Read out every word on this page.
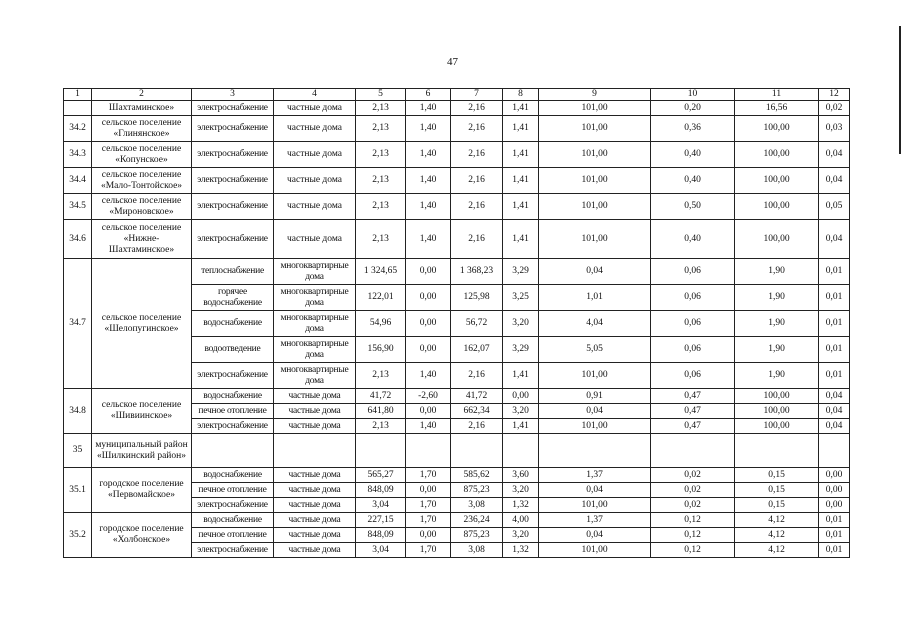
47
1	2	3	4	5	6	7	8	9	10	11	12
	Шахтаминское»	электроснабжение	частные дома	2,13	1,40	2,16	1,41	101,00	0,20	16,56	0,02
34.2	сельское поселение «Глинянское»	электроснабжение	частные дома	2,13	1,40	2,16	1,41	101,00	0,36	100,00	0,03
34.3	сельское поселение «Копунское»	электроснабжение	частные дома	2,13	1,40	2,16	1,41	101,00	0,40	100,00	0,04
34.4	сельское поселение «Мало-Тонтойское»	электроснабжение	частные дома	2,13	1,40	2,16	1,41	101,00	0,40	100,00	0,04
34.5	сельское поселение «Мироновское»	электроснабжение	частные дома	2,13	1,40	2,16	1,41	101,00	0,50	100,00	0,05
34.6	сельское поселение «Нижне-Шахтаминское»	электроснабжение	частные дома	2,13	1,40	2,16	1,41	101,00	0,40	100,00	0,04
34.7	сельское поселение «Шелопугинское»	теплоснабжение	многоквартирные дома	1 324,65	0,00	1 368,23	3,29	0,04	0,06	1,90	0,01
		горячее водоснабжение	многоквартирные дома	122,01	0,00	125,98	3,25	1,01	0,06	1,90	0,01
		водоснабжение	многоквартирные дома	54,96	0,00	56,72	3,20	4,04	0,06	1,90	0,01
		водоотведение	многоквартирные дома	156,90	0,00	162,07	3,29	5,05	0,06	1,90	0,01
		электроснабжение	многоквартирные дома	2,13	1,40	2,16	1,41	101,00	0,06	1,90	0,01
34.8	сельское поселение «Шивиинское»	водоснабжение	частные дома	41,72	-2,60	41,72	0,00	0,91	0,47	100,00	0,04
		печное отопление	частные дома	641,80	0,00	662,34	3,20	0,04	0,47	100,00	0,04
		электроснабжение	частные дома	2,13	1,40	2,16	1,41	101,00	0,47	100,00	0,04
35	муниципальный район «Шилкинский район»										
35.1	городское поселение «Первомайское»	водоснабжение	частные дома	565,27	1,70	585,62	3,60	1,37	0,02	0,15	0,00
		печное отопление	частные дома	848,09	0,00	875,23	3,20	0,04	0,02	0,15	0,00
		электроснабжение	частные дома	3,04	1,70	3,08	1,32	101,00	0,02	0,15	0,00
35.2	городское поселение «Холбонское»	водоснабжение	частные дома	227,15	1,70	236,24	4,00	1,37	0,12	4,12	0,01
		печное отопление	частные дома	848,09	0,00	875,23	3,20	0,04	0,12	4,12	0,01
		электроснабжение	частные дома	3,04	1,70	3,08	1,32	101,00	0,12	4,12	0,01
